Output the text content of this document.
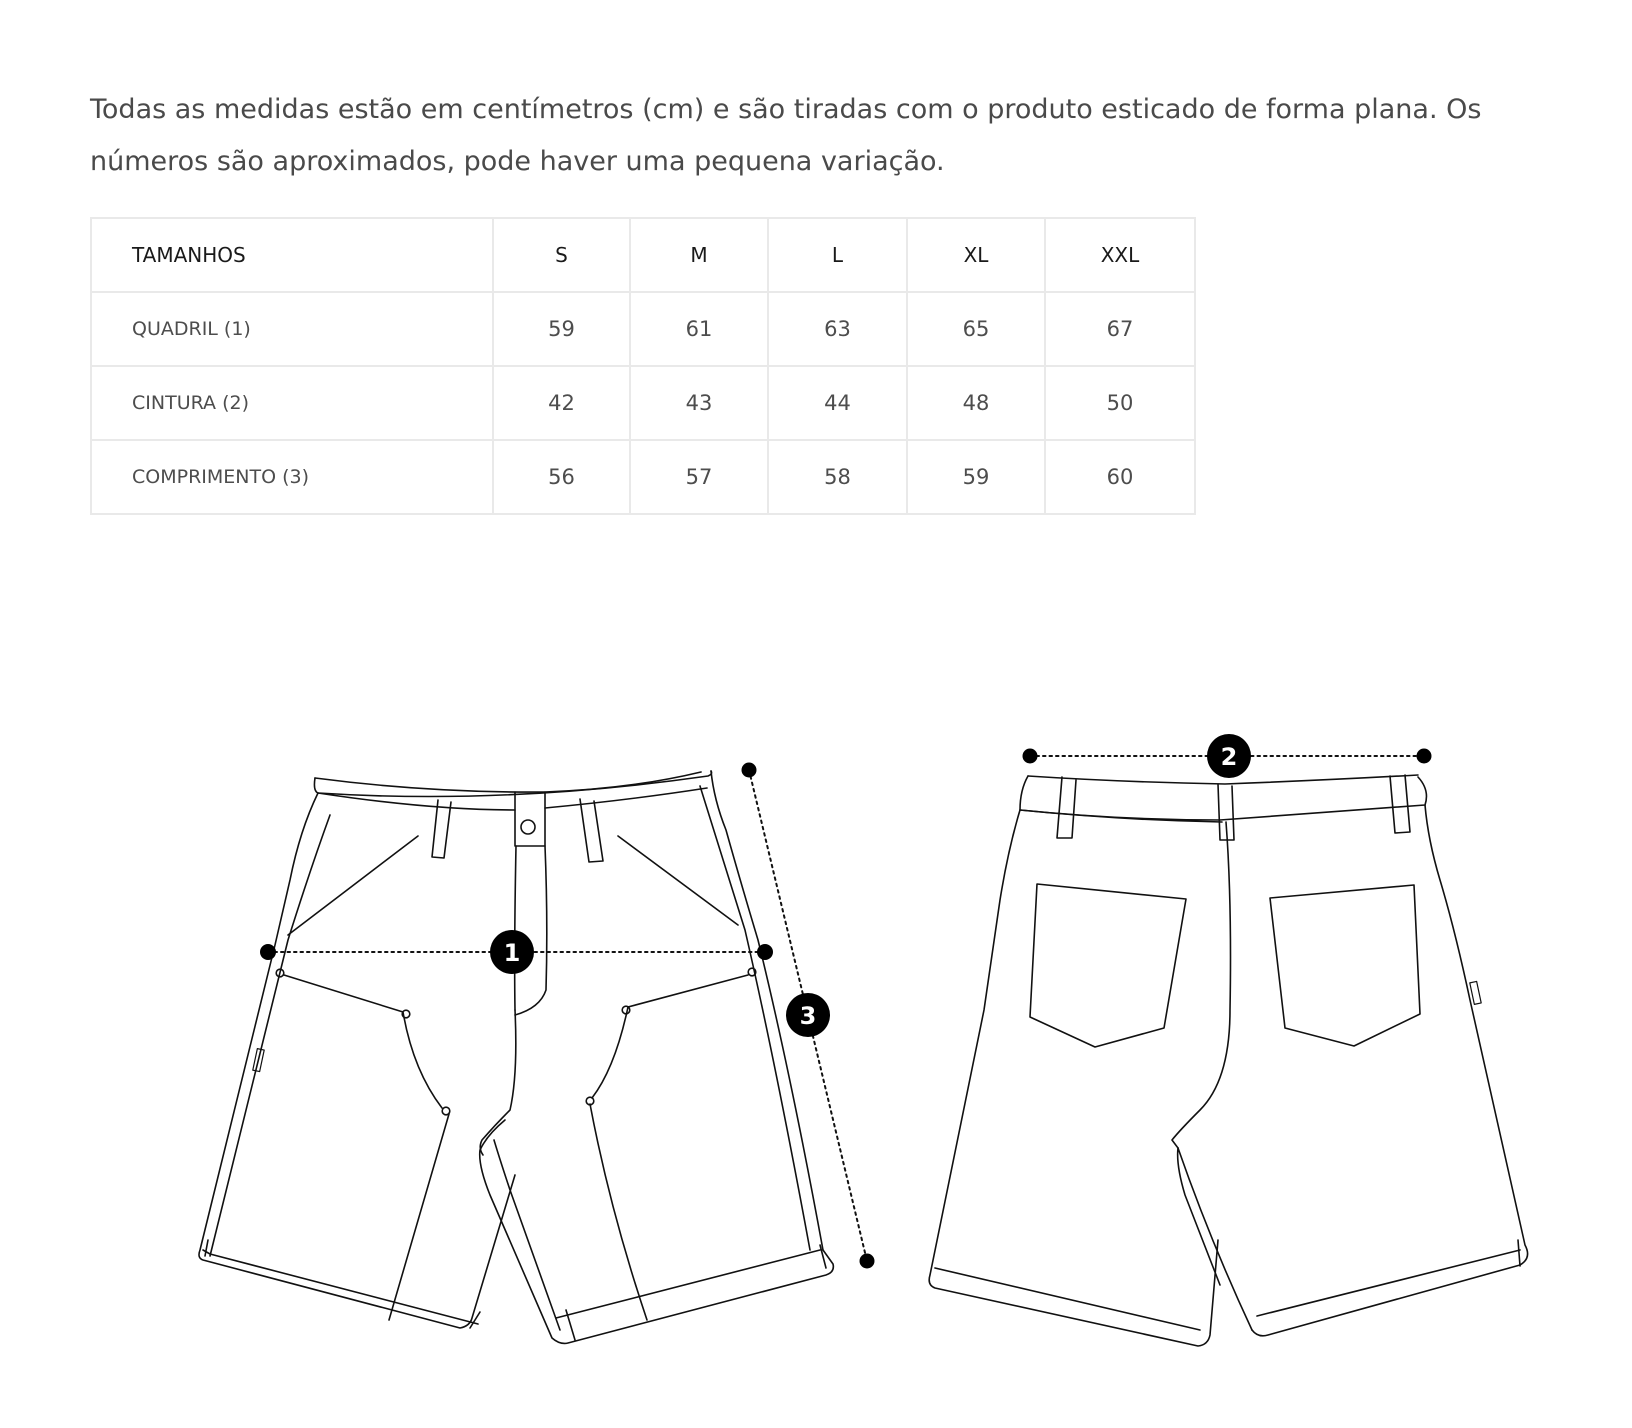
Todas as medidas estão em centímetros (cm) e são tiradas com o produto esticado de forma plana. Os números são aproximados, pode haver uma pequena variação.

TAMANHOS	S	M	L	XL	XXL
QUADRIL (1)	59	61	63	65	67
CINTURA (2)	42	43	44	48	50
COMPRIMENTO (3)	56	57	58	59	60
1
2
3
